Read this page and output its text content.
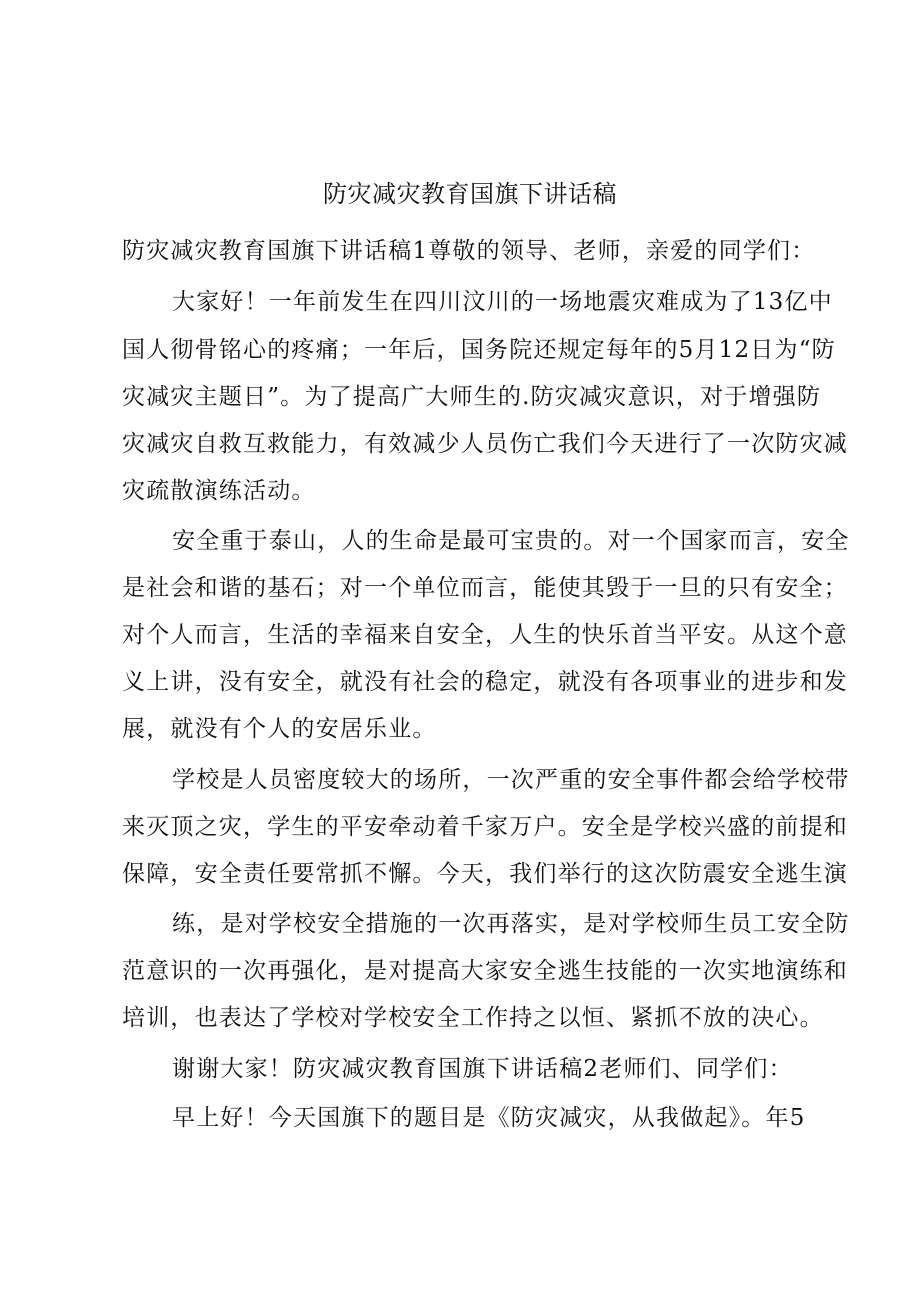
防灾减灾教育国旗下讲话稿

防灾减灾教育国旗下讲话稿1尊敬的领导、老师，亲爱的同学们：

大家好！一年前发生在四川汶川的一场地震灾难成为了13亿中

国人彻骨铭心的疼痛；一年后，国务院还规定每年的5月12日为“防

灾减灾主题日”。为了提高广大师生的.防灾减灾意识，对于增强防

灾减灾自救互救能力，有效减少人员伤亡我们今天进行了一次防灾减

灾疏散演练活动。

安全重于泰山，人的生命是最可宝贵的。对一个国家而言，安全

是社会和谐的基石；对一个单位而言，能使其毁于一旦的只有安全；

对个人而言，生活的幸福来自安全，人生的快乐首当平安。从这个意

义上讲，没有安全，就没有社会的稳定，就没有各项事业的进步和发

展，就没有个人的安居乐业。

学校是人员密度较大的场所，一次严重的安全事件都会给学校带

来灭顶之灾，学生的平安牵动着千家万户。安全是学校兴盛的前提和

保障，安全责任要常抓不懈。今天，我们举行的这次防震安全逃生演

练，是对学校安全措施的一次再落实，是对学校师生员工安全防

范意识的一次再强化，是对提高大家安全逃生技能的一次实地演练和

培训，也表达了学校对学校安全工作持之以恒、紧抓不放的决心。

谢谢大家！防灾减灾教育国旗下讲话稿2老师们、同学们：

早上好！今天国旗下的题目是《防灾减灾，从我做起》。年5
